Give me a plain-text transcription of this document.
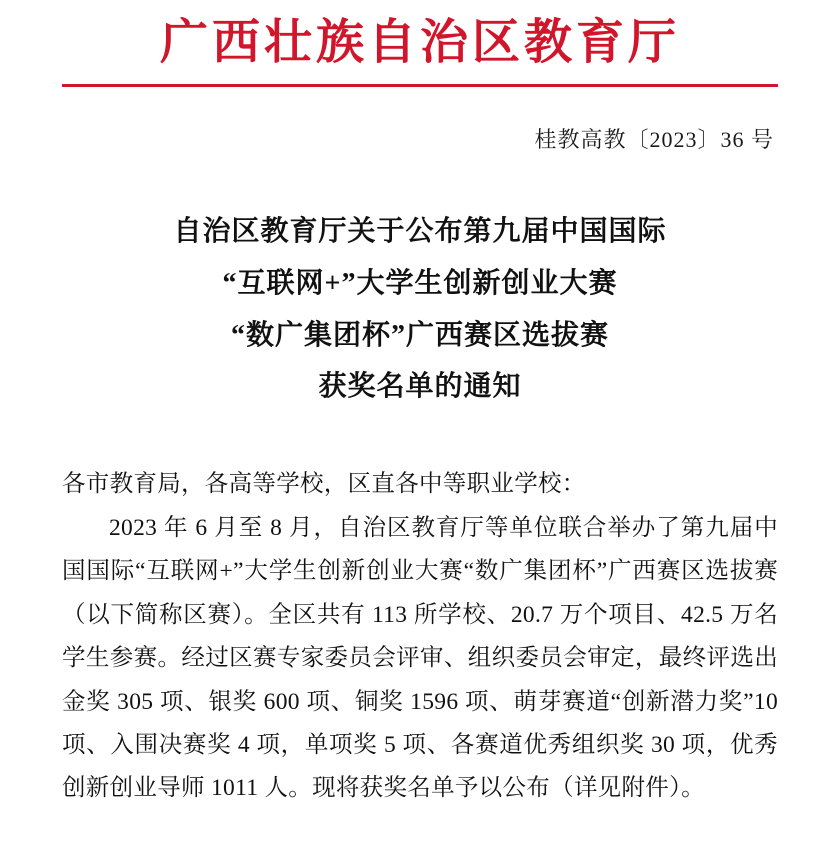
广西壮族自治区教育厅
桂教高教〔2023〕36 号
自治区教育厅关于公布第九届中国国际
“互联网+”大学生创新创业大赛
“数广集团杯”广西赛区选拔赛
获奖名单的通知

各市教育局，各高等学校，区直各中等职业学校：

2023 年 6 月至 8 月，自治区教育厅等单位联合举办了第九届中国国际“互联网+”大学生创新创业大赛“数广集团杯”广西赛区选拔赛（以下简称区赛）。全区共有 113 所学校、20.7 万个项目、42.5 万名学生参赛。经过区赛专家委员会评审、组织委员会审定，最终评选出金奖 305 项、银奖 600 项、铜奖 1596 项、萌芽赛道“创新潜力奖”10 项、入围决赛奖 4 项，单项奖 5 项、各赛道优秀组织奖 30 项，优秀创新创业导师 1011 人。现将获奖名单予以公布（详见附件）。
